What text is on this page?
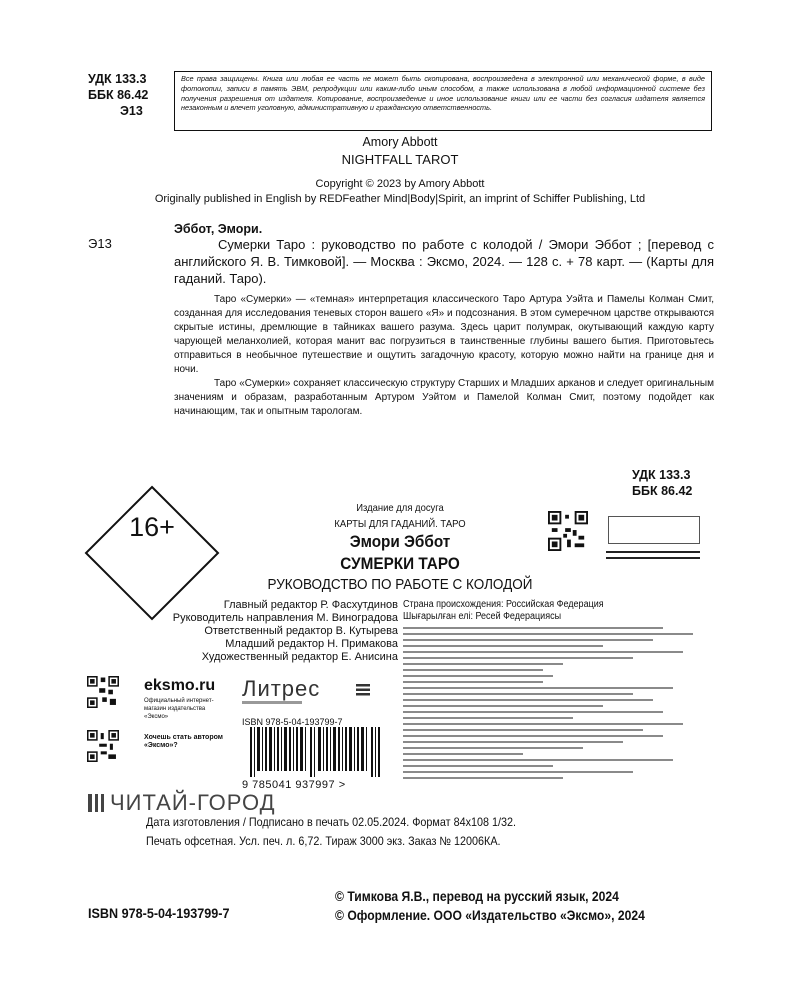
УДК 133.3
ББК 86.42
Э13
Все права защищены. Книга или любая ее часть не может быть скопирована, воспроизведена в электронной или механической форме, в виде фотокопии, записи в память ЭВМ, репродукции или каким-либо иным способом, а также использована в любой информационной системе без получения разрешения от издателя. Копирование, воспроизведение и иное использование книги или ее части без согласия издателя является незаконным и влечет уголовную, административную и гражданскую ответственность.
Amory Abbott
NIGHTFALL TAROT
Copyright © 2023 by Amory Abbott
Originally published in English by REDFeather Mind|Body|Spirit, an imprint of Schiffer Publishing, Ltd
Эббот, Эмори.
Э13	Сумерки Таро : руководство по работе с колодой / Эмори Эббот ; [перевод с английского Я. В. Тимковой]. — Москва : Эксмо, 2024. — 128 с. + 78 карт. — (Карты для гаданий. Таро).

Таро «Сумерки» — «темная» интерпретация классического Таро Артура Уэйта и Памелы Колман Смит, созданная для исследования теневых сторон вашего «Я» и подсознания. В этом сумеречном царстве открываются скрытые истины, дремлющие в тайниках вашего разума. Здесь царит полумрак, окутывающий каждую карту чарующей меланхолией, которая манит вас погрузиться в таинственные глубины вашего бытия. Приготовьтесь отправиться в необычное путешествие и ощутить загадочную красоту, которую можно найти на границе дня и ночи.

Таро «Сумерки» сохраняет классическую структуру Старших и Младших арканов и следует оригинальным значениям и образам, разработанным Артуром Уэйтом и Памелой Колман Смит, поэтому подойдет как начинающим, так и опытным тарологам.

УДК 133.3
ББК 86.42
16+
Издание для досуга
КАРТЫ ДЛЯ ГАДАНИЙ. ТАРО
Эмори Эббот
СУМЕРКИ ТАРО
РУКОВОДСТВО ПО РАБОТЕ С КОЛОДОЙ
Главный редактор Р. Фасхутдинов
Руководитель направления М. Виноградова
Ответственный редактор В. Кутырева
Младший редактор Н. Примакова
Художественный редактор Е. Анисина
Страна происхождения: Российская Федерация
Шығарылған елі: Ресей Федерациясы
eksmo.ru
Официальный интернет-магазин издательства «Эксмо»
Литрес
ISBN 978-5-04-193799-7
9 785041 937997 >
Хочешь стать автором «Эксмо»?
ЧИТАЙ-ГОРОД
Дата изготовления / Подписано в печать 02.05.2024. Формат 84x108 1/32.
Печать офсетная. Усл. печ. л. 6,72. Тираж 3000 экз. Заказ № 12006КА.
© Тимкова Я.В., перевод на русский язык, 2024
© Оформление. ООО «Издательство «Эксмо», 2024
ISBN 978-5-04-193799-7
